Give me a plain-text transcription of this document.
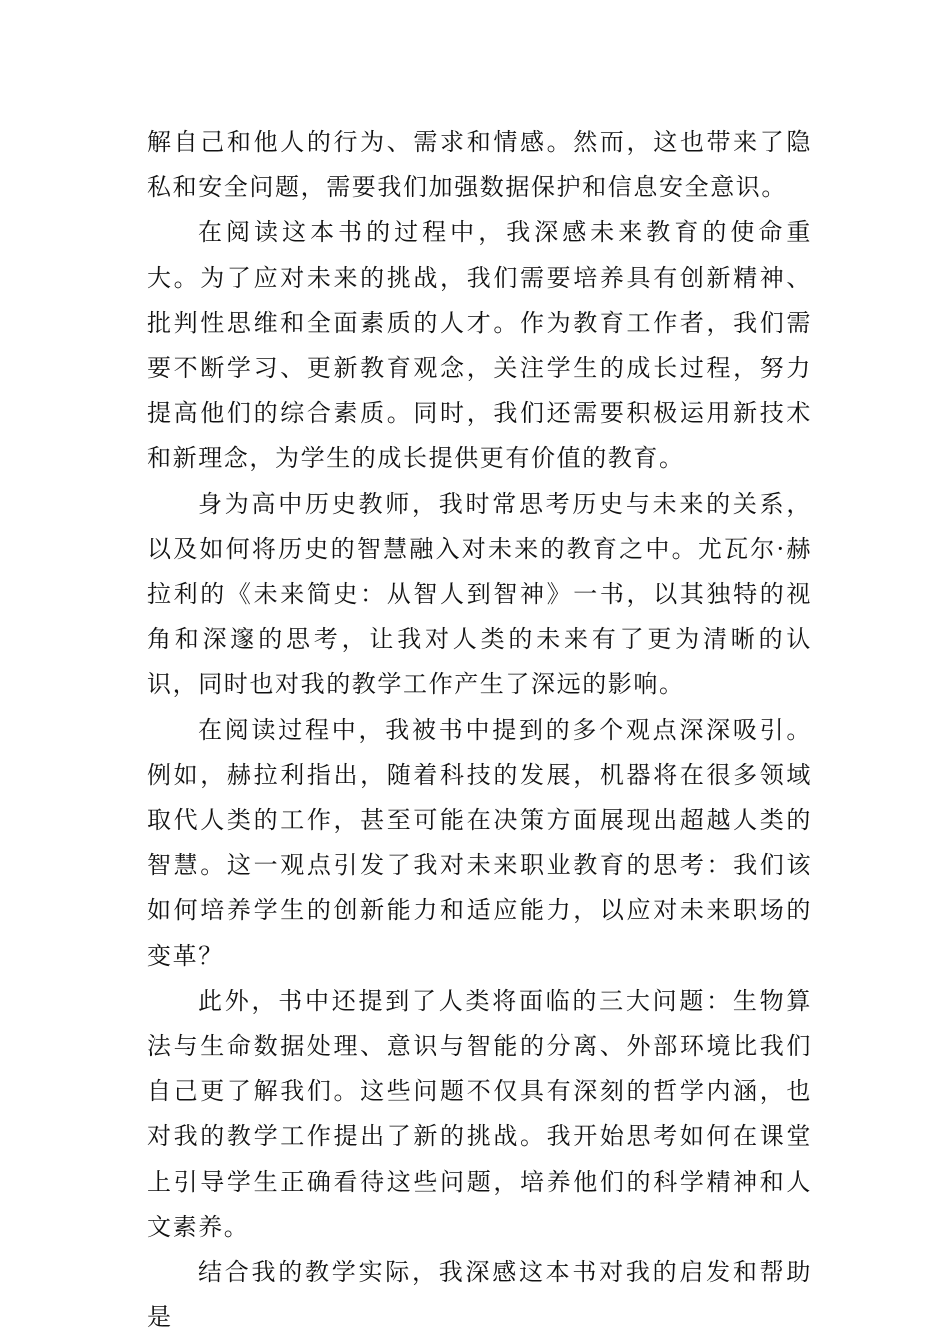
解自己和他人的行为、需求和情感。然而，这也带来了隐私和安全问题，需要我们加强数据保护和信息安全意识。

在阅读这本书的过程中，我深感未来教育的使命重大。为了应对未来的挑战，我们需要培养具有创新精神、批判性思维和全面素质的人才。作为教育工作者，我们需要不断学习、更新教育观念，关注学生的成长过程，努力提高他们的综合素质。同时，我们还需要积极运用新技术和新理念，为学生的成长提供更有价值的教育。

身为高中历史教师，我时常思考历史与未来的关系，以及如何将历史的智慧融入对未来的教育之中。尤瓦尔·赫拉利的《未来简史：从智人到智神》一书，以其独特的视角和深邃的思考，让我对人类的未来有了更为清晰的认识，同时也对我的教学工作产生了深远的影响。

在阅读过程中，我被书中提到的多个观点深深吸引。例如，赫拉利指出，随着科技的发展，机器将在很多领域取代人类的工作，甚至可能在决策方面展现出超越人类的智慧。这一观点引发了我对未来职业教育的思考：我们该如何培养学生的创新能力和适应能力，以应对未来职场的变革？

此外，书中还提到了人类将面临的三大问题：生物算法与生命数据处理、意识与智能的分离、外部环境比我们自己更了解我们。这些问题不仅具有深刻的哲学内涵，也对我的教学工作提出了新的挑战。我开始思考如何在课堂上引导学生正确看待这些问题，培养他们的科学精神和人文素养。

结合我的教学实际，我深感这本书对我的启发和帮助是
